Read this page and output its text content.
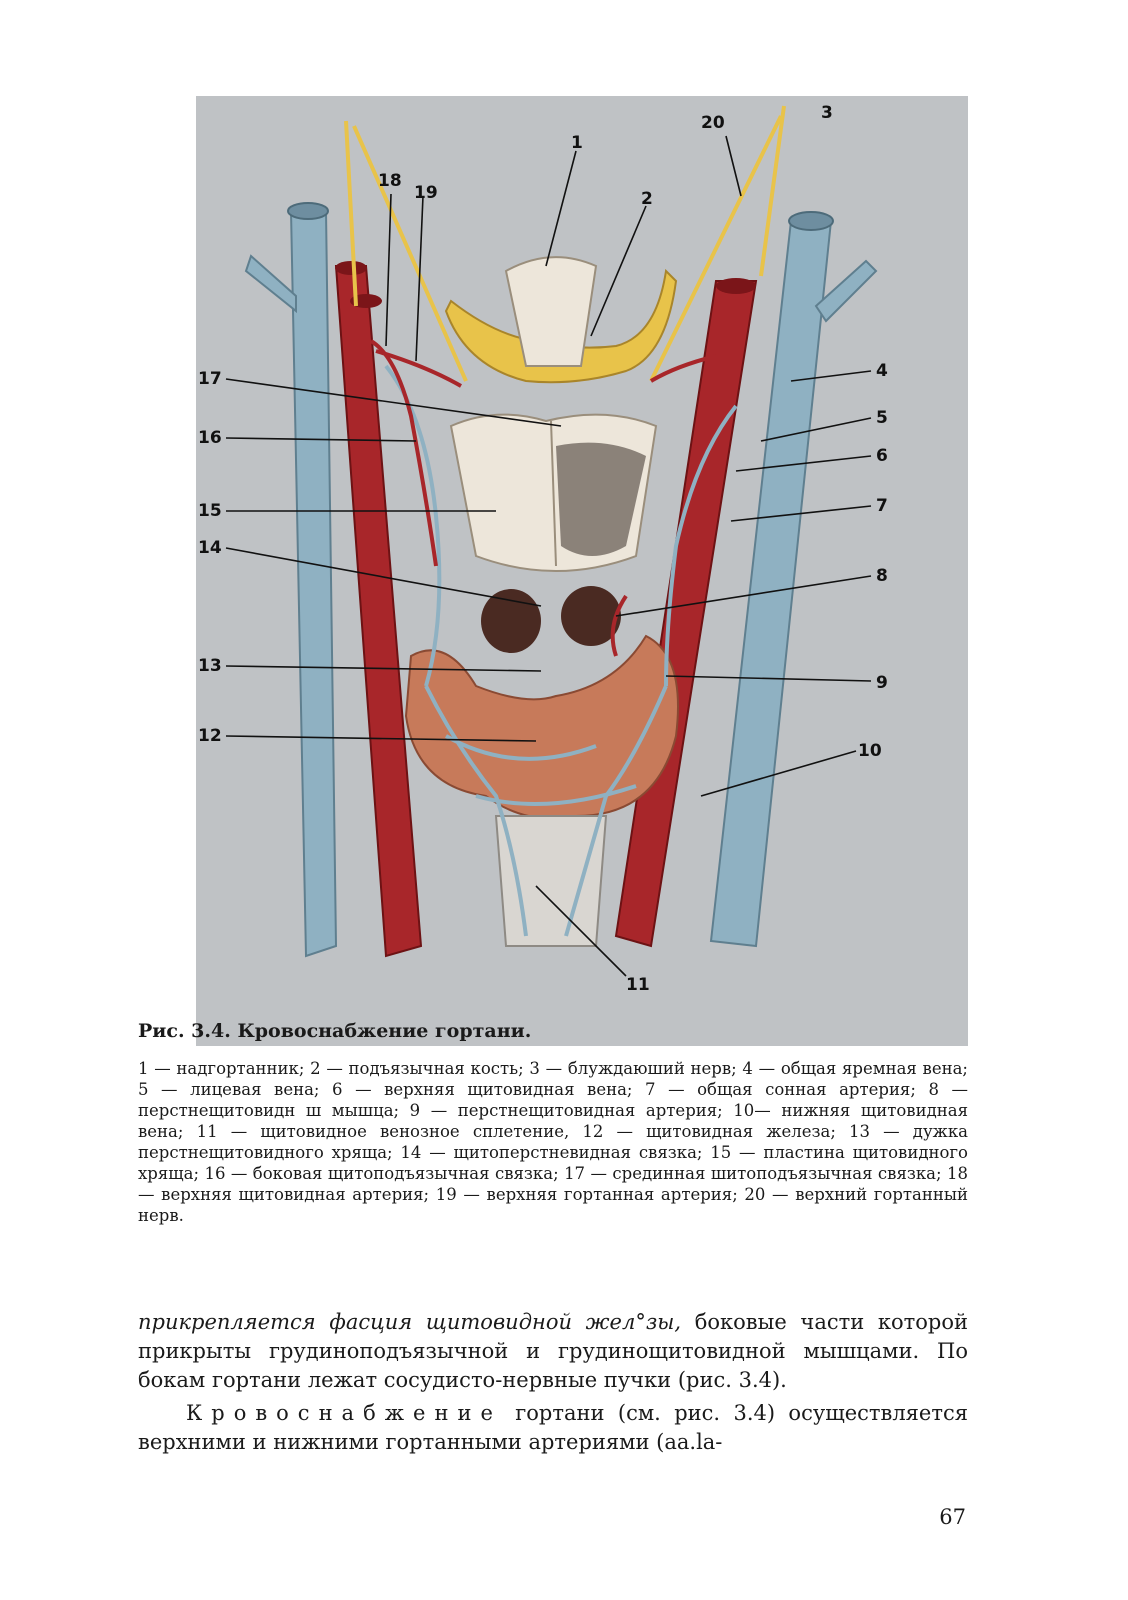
1
2
3
4
5
6
7
8
9
10
11
12
13
14
15
16
17
18
19
20
Рис. 3.4. Кровоснабжение гортани.
1 — надгортанник; 2 — подъязычная кость; 3 — блуждаюший нерв; 4 — общая яремная вена; 5 — лицевая вена; 6 — верхняя щитовидная вена; 7 — общая сонная артерия; 8 — перстнещитовидн ш мышца; 9 — перстнещитовидная артерия; 10— нижняя щитовидная вена; 11 — щитовидное венозное сплетение, 12 — щитовидная железа; 13 — дужка перстнещитовидного хряща; 14 — щитоперстневидная связка; 15 — пластина щитовидного хряща; 16 — боковая щитоподъязычная связка; 17 — срединная шитоподъязычная связка; 18 — верхняя щитовидная артерия; 19 — верхняя гортанная артерия; 20 — верхний гортанный нерв.

прикрепляется фасция щитовидной жел°зы, боковые части которой прикрыты грудиноподъязычной и грудинощитовидной мышцами. По бокам гортани лежат сосудисто-нервные пучки (рис. 3.4).

Кровоснабжение гортани (см. рис. 3.4) осуществляется верхними и нижними гортанными артериями (aa.la-

67
